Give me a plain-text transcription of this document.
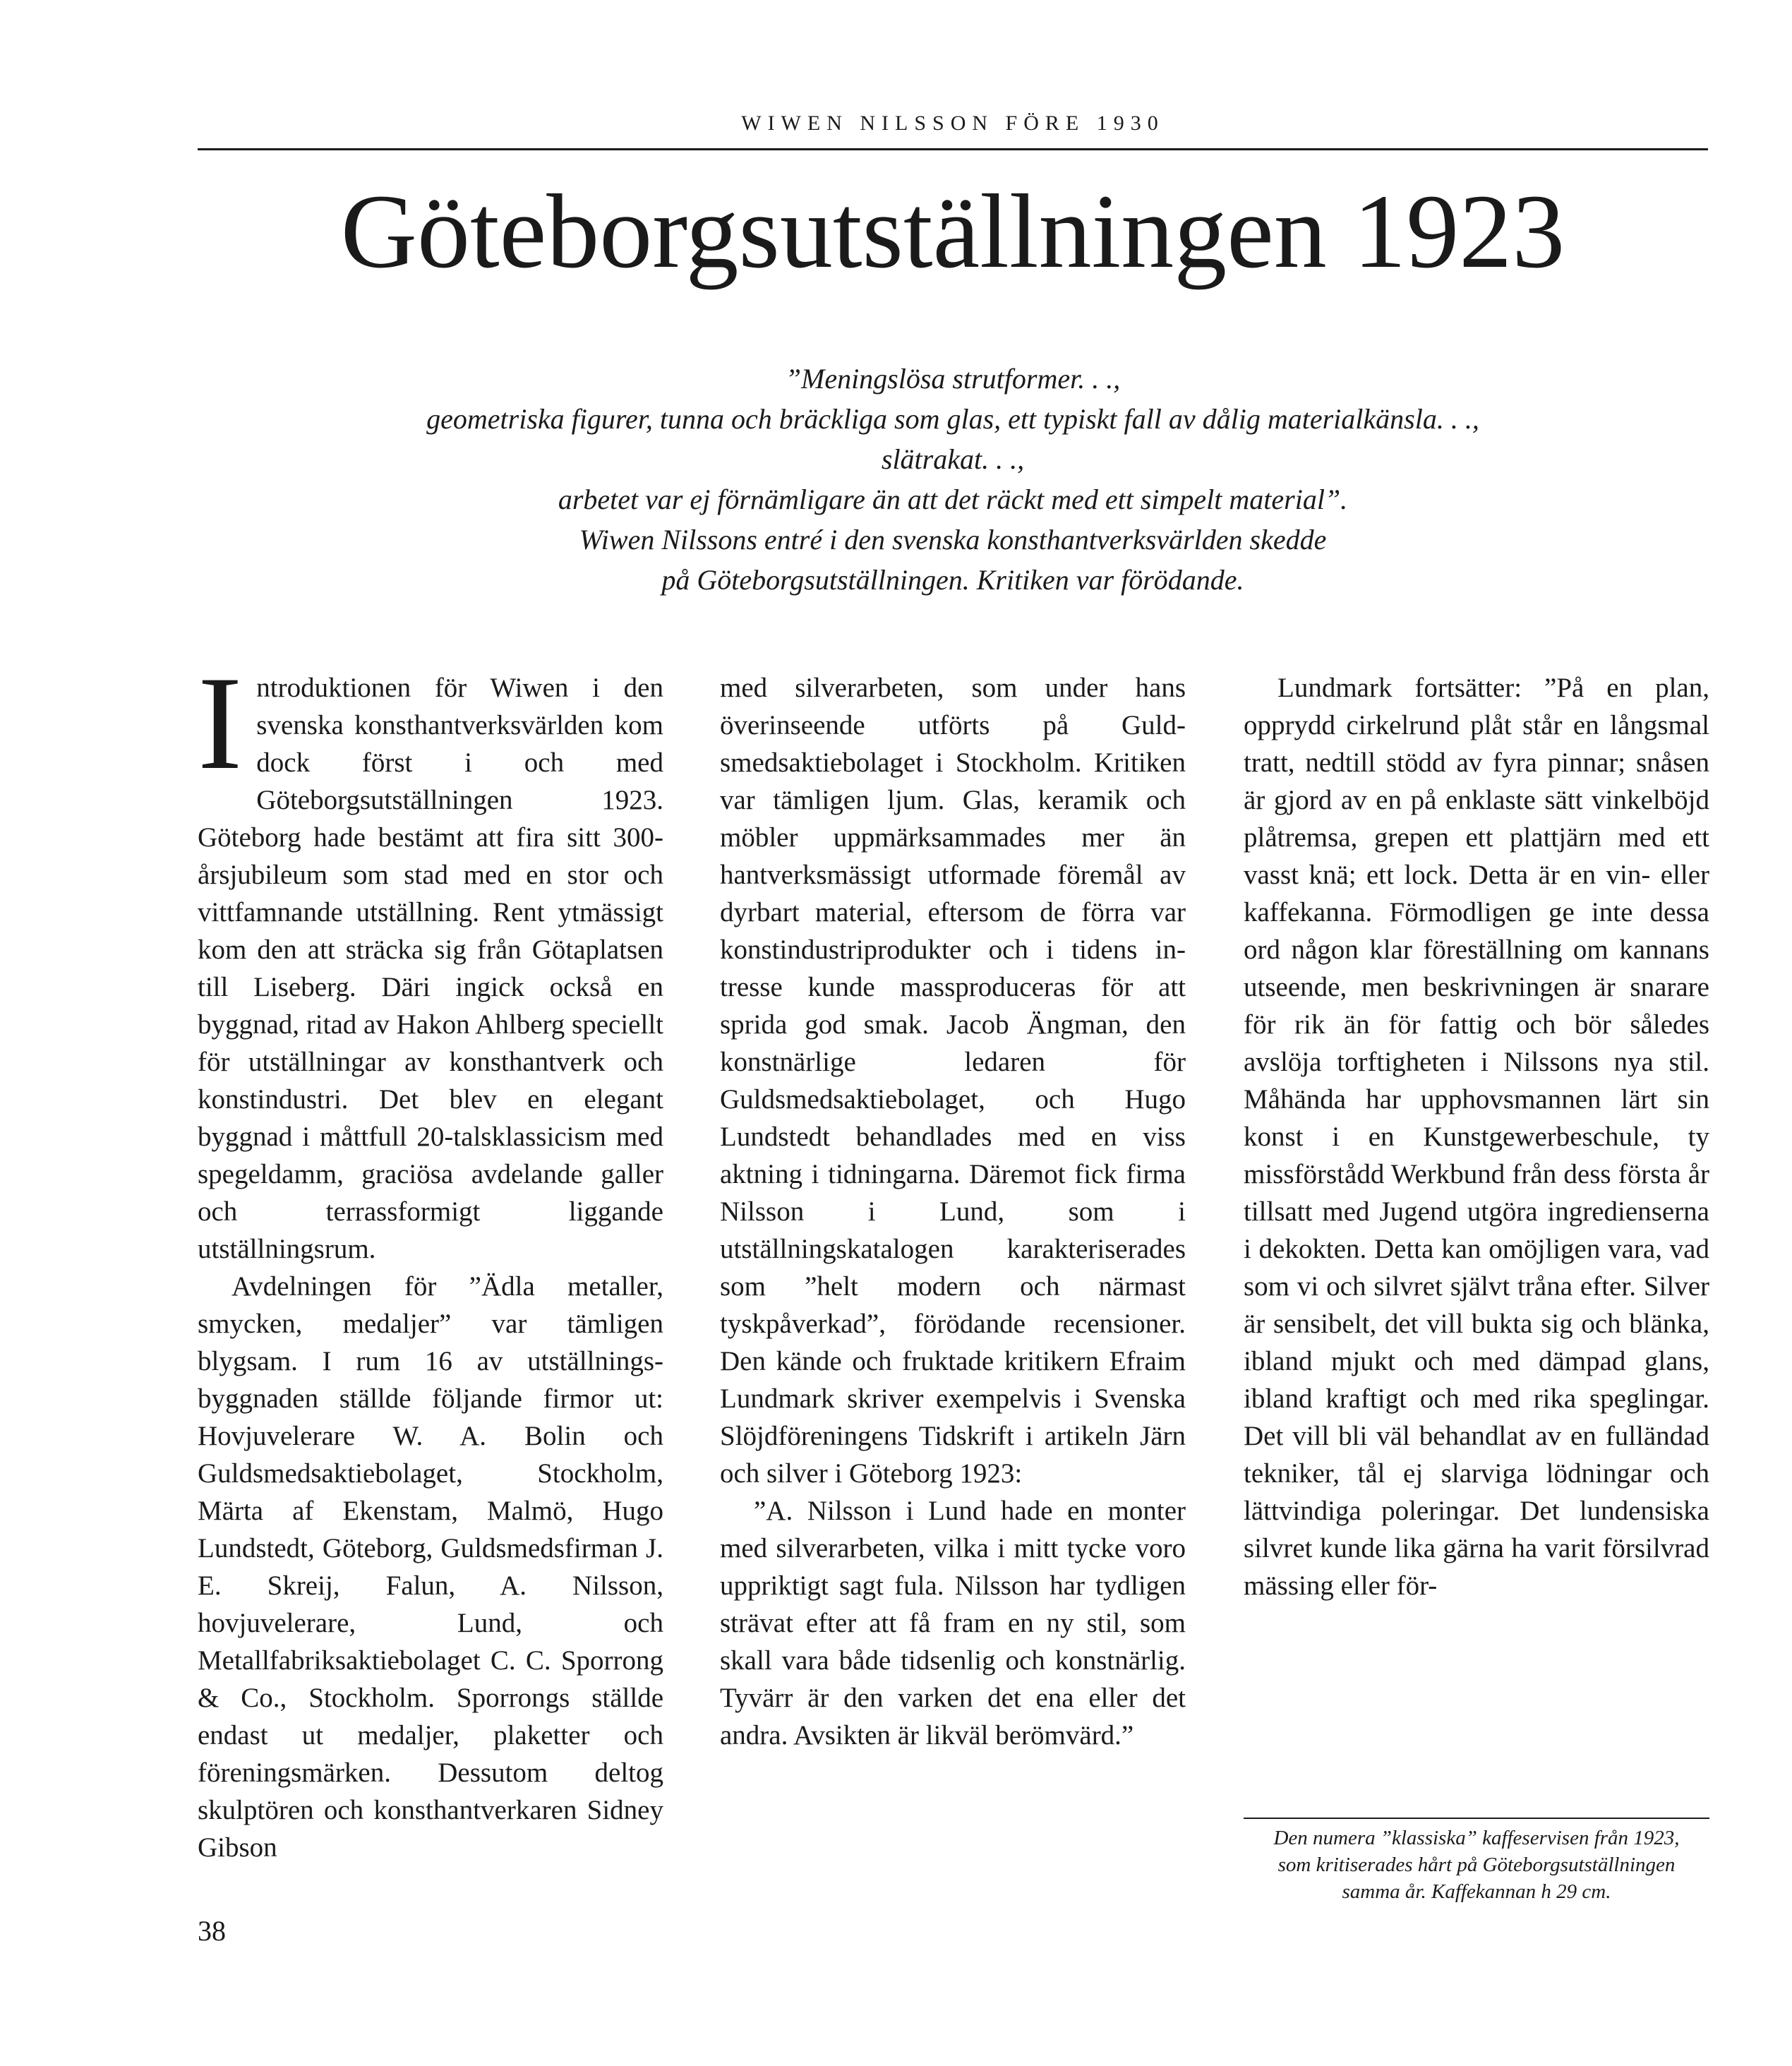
WIWEN NILSSON FÖRE 1930
Göteborgsutställningen 1923
”Meningslösa strutformer. . .,
geometriska figurer, tunna och bräckliga som glas, ett typiskt fall av dålig materialkänsla. . .,
slätrakat. . .,
arbetet var ej förnämligare än att det räckt med ett simpelt material”.
Wiwen Nilssons entré i den svenska konsthantverksvärlden skedde
på Göteborgsutställningen. Kritiken var förödande.

Introduktionen för Wiwen i den svenska konsthantverksvärlden kom dock först i och med Göteborgsutställningen 1923. Göteborg hade bestämt att fira sitt 300-årsjubileum som stad med en stor och vittfamnande utställning. Rent ytmässigt kom den att sträcka sig från Götaplatsen till Liseberg. Däri ingick också en byggnad, ritad av Hakon Ahlberg speciellt för utställningar av konsthantverk och konstindustri. Det blev en elegant byggnad i måttfull 20-talsklassicism med spegeldamm, graciösa avdelande galler och terrassformigt liggande utställningsrum.

Avdelningen för ”Ädla metaller, smycken, medaljer” var tämligen blygsam. I rum 16 av utställningsbyggnaden ställde följande firmor ut: Hovjuvelerare W. A. Bolin och Guldsmedsaktiebolaget, Stockholm, Märta af Ekenstam, Malmö, Hugo Lundstedt, Göteborg, Guldsmedsfirman J. E. Skreij, Falun, A. Nilsson, hovjuvelerare, Lund, och Metallfabriksaktiebolaget C. C. Sporrong & Co., Stockholm. Sporrongs ställde endast ut medaljer, plaketter och föreningsmärken. Dessutom deltog skulptören och konsthantverkaren Sidney Gibson

med silverarbeten, som under hans överinseende utförts på Guldsmedsaktiebolaget i Stockholm. Kritiken var tämligen ljum. Glas, keramik och möbler uppmärksammades mer än hantverksmässigt utformade föremål av dyrbart material, eftersom de förra var konstindustriprodukter och i tidens intresse kunde massproduceras för att sprida god smak. Jacob Ängman, den konstnärlige ledaren för Guldsmedsaktiebolaget, och Hugo Lundstedt behandlades med en viss aktning i tidningarna. Däremot fick firma Nilsson i Lund, som i utställningskatalogen karakteriserades som ”helt modern och närmast tyskpåverkad”, förödande recensioner. Den kände och fruktade kritikern Efraim Lundmark skriver exempelvis i Svenska Slöjdföreningens Tidskrift i artikeln Järn och silver i Göteborg 1923:

”A. Nilsson i Lund hade en monter med silverarbeten, vilka i mitt tycke voro uppriktigt sagt fula. Nilsson har tydligen strävat efter att få fram en ny stil, som skall vara både tidsenlig och konstnärlig. Tyvärr är den varken det ena eller det andra. Avsikten är likväl berömvärd.”

Lundmark fortsätter: ”På en plan, opprydd cirkelrund plåt står en långsmal tratt, nedtill stödd av fyra pinnar; snåsen är gjord av en på enklaste sätt vinkelböjd plåtremsa, grepen ett plattjärn med ett vasst knä; ett lock. Detta är en vin- eller kaffekanna. Förmodligen ge inte dessa ord någon klar föreställning om kannans utseende, men beskrivningen är snarare för rik än för fattig och bör således avslöja torftigheten i Nilssons nya stil. Måhända har upphovsmannen lärt sin konst i en Kunstgewerbeschule, ty missförstådd Werkbund från dess första år tillsatt med Jugend utgöra ingredienserna i dekokten. Detta kan omöjligen vara, vad som vi och silvret självt tråna efter. Silver är sensibelt, det vill bukta sig och blänka, ibland mjukt och med dämpad glans, ibland kraftigt och med rika speglingar. Det vill bli väl behandlat av en fulländad tekniker, tål ej slarviga lödningar och lättvindiga poleringar. Det lundensiska silvret kunde lika gärna ha varit försilvrad mässing eller för-

Den numera ”klassiska” kaffeservisen från 1923,
som kritiserades hårt på Göteborgsutställningen
samma år. Kaffekannan h 29 cm.
38
